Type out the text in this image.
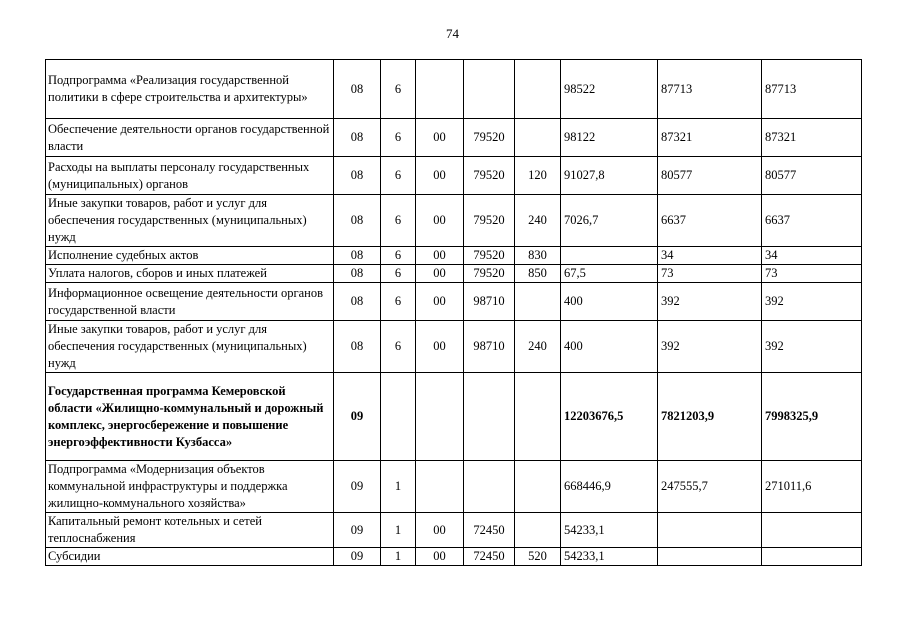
74
Подпрограмма «Реализация государственной политики в сфере строительства и архитектуры»	08	6				98522	87713	87713
Обеспечение деятельности органов государственной власти	08	6	00	79520		98122	87321	87321
Расходы на выплаты персоналу государственных (муниципальных) органов	08	6	00	79520	120	91027,8	80577	80577
Иные закупки товаров, работ и услуг для обеспечения государственных (муниципальных) нужд	08	6	00	79520	240	7026,7	6637	6637
Исполнение судебных актов	08	6	00	79520	830		34	34
Уплата налогов, сборов и иных платежей	08	6	00	79520	850	67,5	73	73
Информационное освещение деятельности органов государственной власти	08	6	00	98710		400	392	392
Иные закупки товаров, работ и услуг для обеспечения государственных (муниципальных) нужд	08	6	00	98710	240	400	392	392
Государственная программа Кемеровской области «Жилищно-коммунальный и дорожный комплекс, энергосбережение и повышение энергоэффективности Кузбасса»	09					12203676,5	7821203,9	7998325,9
Подпрограмма «Модернизация объектов коммунальной инфраструктуры и поддержка жилищно-коммунального хозяйства»	09	1				668446,9	247555,7	271011,6
Капитальный ремонт котельных и сетей теплоснабжения	09	1	00	72450		54233,1		
Субсидии	09	1	00	72450	520	54233,1		
